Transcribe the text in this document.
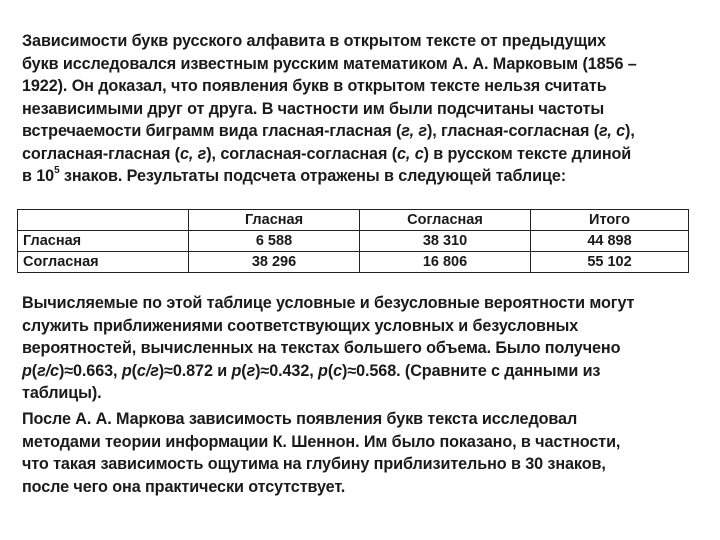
Зависимости букв русского алфавита в открытом тексте от предыдущих
букв исследовался известным русским математиком А. А. Марковым (1856 –
1922). Он доказал, что появления букв в открытом тексте нельзя считать
независимыми друг от друга. В частности им были подсчитаны частоты
встречаемости биграмм вида гласная-гласная (г, г), гласная-согласная (г, с),
согласная-гласная (с, г), согласная-согласная (с, с) в русском тексте длиной
в $10^5$ знаков. Результаты подсчета отражены в следующей таблице:
	Гласная	Согласная	Итого
Гласная	6 588	38 310	44 898
Согласная	38 296	16 806	55 102
Вычисляемые по этой таблице условные и безусловные вероятности могут
служить приближениями соответствующих условных и безусловных
вероятностей, вычисленных на текстах большего объема. Было получено
p(г/с)≈0.663, p(с/г)≈0.872 и p(г)≈0.432, p(с)≈0.568. (Сравните с данными из
таблицы).
После А. А. Маркова зависимость появления букв текста исследовал
методами теории информации К. Шеннон. Им было показано, в частности,
что такая зависимость ощутима на глубину приблизительно в 30 знаков,
после чего она практически отсутствует.
